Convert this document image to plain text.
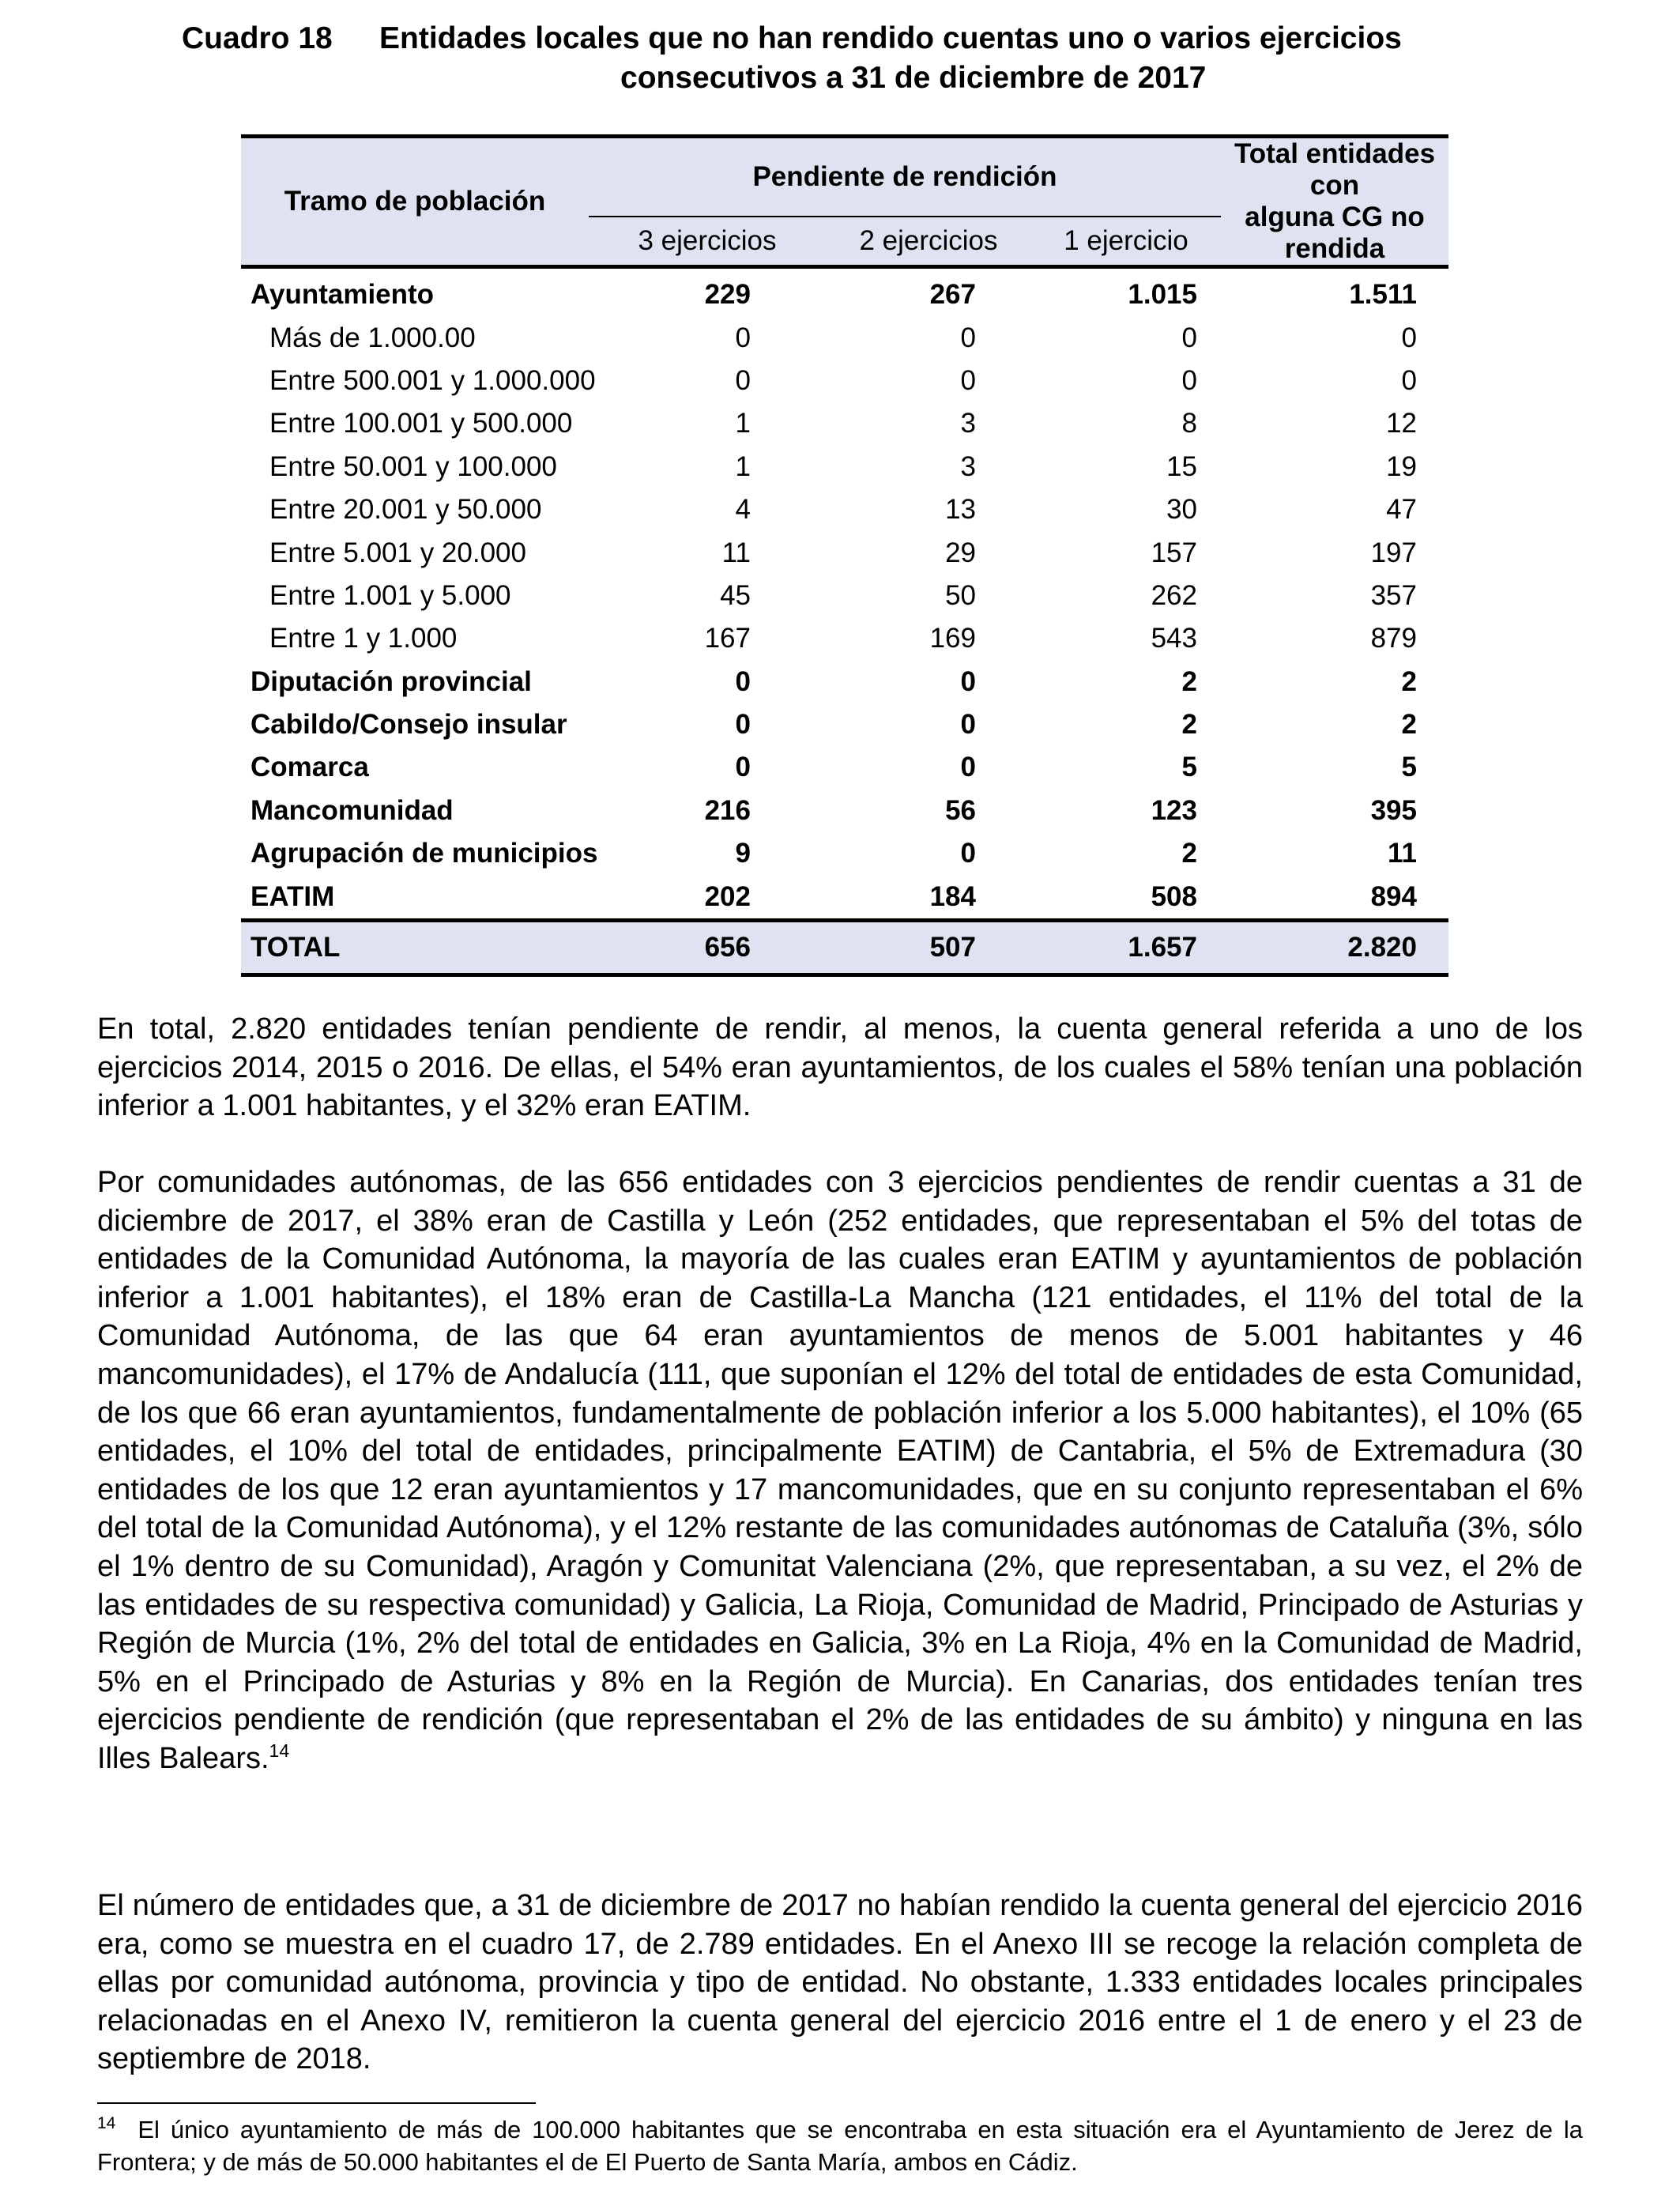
Cuadro 18 Entidades locales que no han rendido cuentas uno o varios ejercicios
consecutivos a 31 de diciembre de 2017
Tramo de población	Pendiente de rendición			Total entidades con
alguna CG no
rendida

	3 ejercicios	2 ejercicios	1 ejercicio	
Ayuntamiento	229	267	1.015	1.511
Más de 1.000.00	0	0	0	0
Entre 500.001 y 1.000.000	0	0	0	0
Entre 100.001 y 500.000	1	3	8	12
Entre 50.001 y 100.000	1	3	15	19
Entre 20.001 y 50.000	4	13	30	47
Entre 5.001 y 20.000	11	29	157	197
Entre 1.001 y 5.000	45	50	262	357
Entre 1 y 1.000	167	169	543	879
Diputación provincial	0	0	2	2
Cabildo/Consejo insular	0	0	2	2
Comarca	0	0	5	5
Mancomunidad	216	56	123	395
Agrupación de municipios	9	0	2	11
EATIM	202	184	508	894
TOTAL	656	507	1.657	2.820

En total, 2.820 entidades tenían pendiente de rendir, al menos, la cuenta general referida a uno de los ejercicios 2014, 2015 o 2016. De ellas, el 54% eran ayuntamientos, de los cuales el 58% tenían una población inferior a 1.001 habitantes, y el 32% eran EATIM.

Por comunidades autónomas, de las 656 entidades con 3 ejercicios pendientes de rendir cuentas a 31 de diciembre de 2017, el 38% eran de Castilla y León (252 entidades, que representaban el 5% del totas de entidades de la Comunidad Autónoma, la mayoría de las cuales eran EATIM y ayuntamientos de población inferior a 1.001 habitantes), el 18% eran de Castilla-La Mancha (121 entidades, el 11% del total de la Comunidad Autónoma, de las que 64 eran ayuntamientos de menos de 5.001 habitantes y 46 mancomunidades), el 17% de Andalucía (111, que suponían el 12% del total de entidades de esta Comunidad, de los que 66 eran ayuntamientos, fundamentalmente de población inferior a los 5.000 habitantes), el 10% (65 entidades, el 10% del total de entidades, principalmente EATIM) de Cantabria, el 5% de Extremadura (30 entidades de los que 12 eran ayuntamientos y 17 mancomunidades, que en su conjunto representaban el 6% del total de la Comunidad Autónoma), y el 12% restante de las comunidades autónomas de Cataluña (3%, sólo el 1% dentro de su Comunidad), Aragón y Comunitat Valenciana (2%, que representaban, a su vez, el 2% de las entidades de su respectiva comunidad) y Galicia, La Rioja, Comunidad de Madrid, Principado de Asturias y Región de Murcia (1%, 2% del total de entidades en Galicia, 3% en La Rioja, 4% en la Comunidad de Madrid, 5% en el Principado de Asturias y 8% en la Región de Murcia). En Canarias, dos entidades tenían tres ejercicios pendiente de rendición (que representaban el 2% de las entidades de su ámbito) y ninguna en las Illes Balears.$^{14}$

El número de entidades que, a 31 de diciembre de 2017 no habían rendido la cuenta general del ejercicio 2016 era, como se muestra en el cuadro 17, de 2.789 entidades. En el Anexo III se recoge la relación completa de ellas por comunidad autónoma, provincia y tipo de entidad. No obstante, 1.333 entidades locales principales relacionadas en el Anexo IV, remitieron la cuenta general del ejercicio 2016 entre el 1 de enero y el 23 de septiembre de 2018.

$^{14}$ El único ayuntamiento de más de 100.000 habitantes que se encontraba en esta situación era el Ayuntamiento de Jerez de la Frontera; y de más de 50.000 habitantes el de El Puerto de Santa María, ambos en Cádiz.
